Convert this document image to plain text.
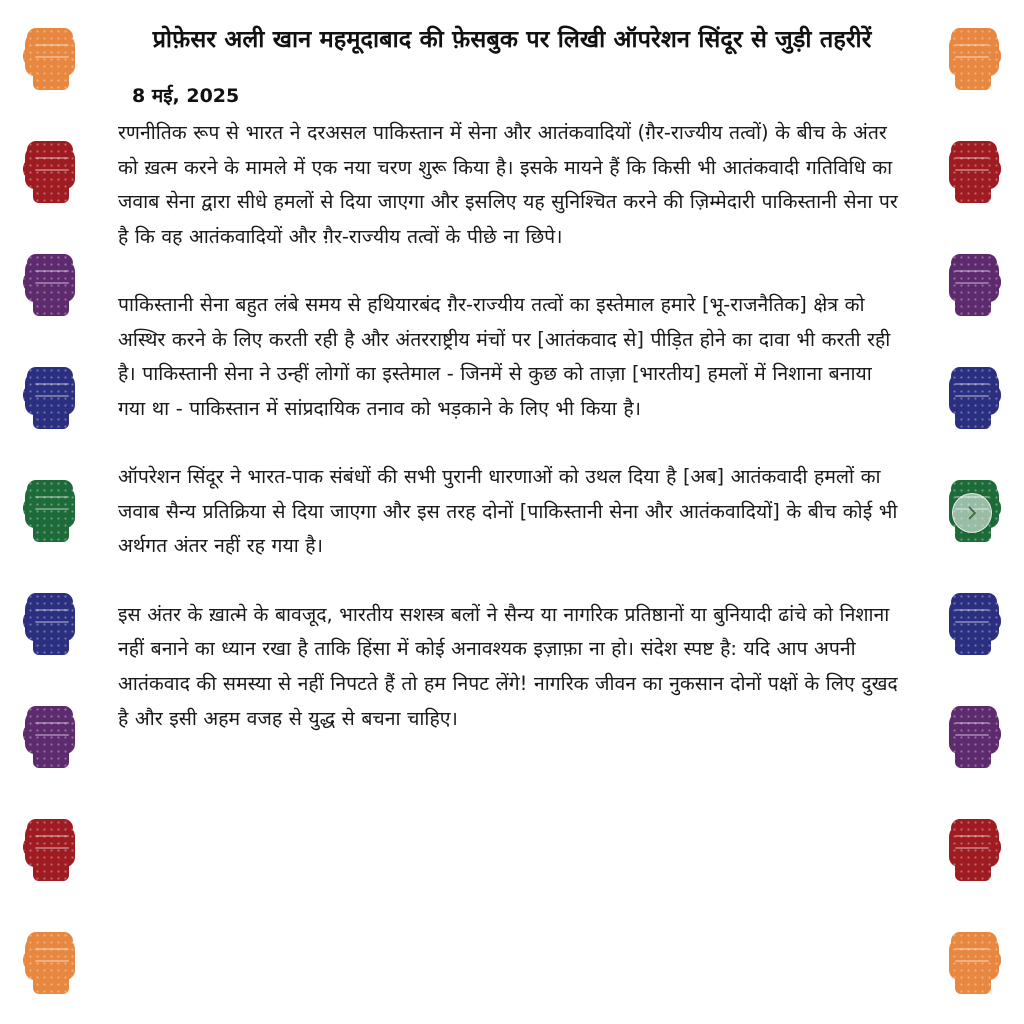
प्रोफ़ेसर अली खान महमूदाबाद की फ़ेसबुक पर लिखी ऑपरेशन सिंदूर से जुड़ी तहरीरें
8 मई, 2025

रणनीतिक रूप से भारत ने दरअसल पाकिस्तान में सेना और आतंकवादियों (ग़ैर-राज्यीय तत्वों) के बीच के अंतर को ख़त्म करने के मामले में एक नया चरण शुरू किया है। इसके मायने हैं कि किसी भी आतंकवादी गतिविधि का जवाब सेना द्वारा सीधे हमलों से दिया जाएगा और इसलिए यह सुनिश्चित करने की ज़िम्मेदारी पाकिस्तानी सेना पर है कि वह आतंकवादियों और ग़ैर-राज्यीय तत्वों के पीछे ना छिपे।

पाकिस्तानी सेना बहुत लंबे समय से हथियारबंद ग़ैर-राज्यीय तत्वों का इस्तेमाल हमारे [भू-राजनैतिक] क्षेत्र को अस्थिर करने के लिए करती रही है और अंतरराष्ट्रीय मंचों पर [आतंकवाद से] पीड़ित होने का दावा भी करती रही है। पाकिस्तानी सेना ने उन्हीं लोगों का इस्तेमाल - जिनमें से कुछ को ताज़ा [भारतीय] हमलों में निशाना बनाया गया था - पाकिस्तान में सांप्रदायिक तनाव को भड़काने के लिए भी किया है।

ऑपरेशन सिंदूर ने भारत-पाक संबंधों की सभी पुरानी धारणाओं को उथल दिया है [अब] आतंकवादी हमलों का जवाब सैन्य प्रतिक्रिया से दिया जाएगा और इस तरह दोनों [पाकिस्तानी सेना और आतंकवादियों] के बीच कोई भी अर्थगत अंतर नहीं रह गया है।

इस अंतर के ख़ात्मे के बावजूद, भारतीय सशस्त्र बलों ने सैन्य या नागरिक प्रतिष्ठानों या बुनियादी ढांचे को निशाना नहीं बनाने का ध्यान रखा है ताकि हिंसा में कोई अनावश्यक इज़ाफ़ा ना हो। संदेश स्पष्ट है: यदि आप अपनी आतंकवाद की समस्या से नहीं निपटते हैं तो हम निपट लेंगे! नागरिक जीवन का नुकसान दोनों पक्षों के लिए दुखद है और इसी अहम वजह से युद्ध से बचना चाहिए।
